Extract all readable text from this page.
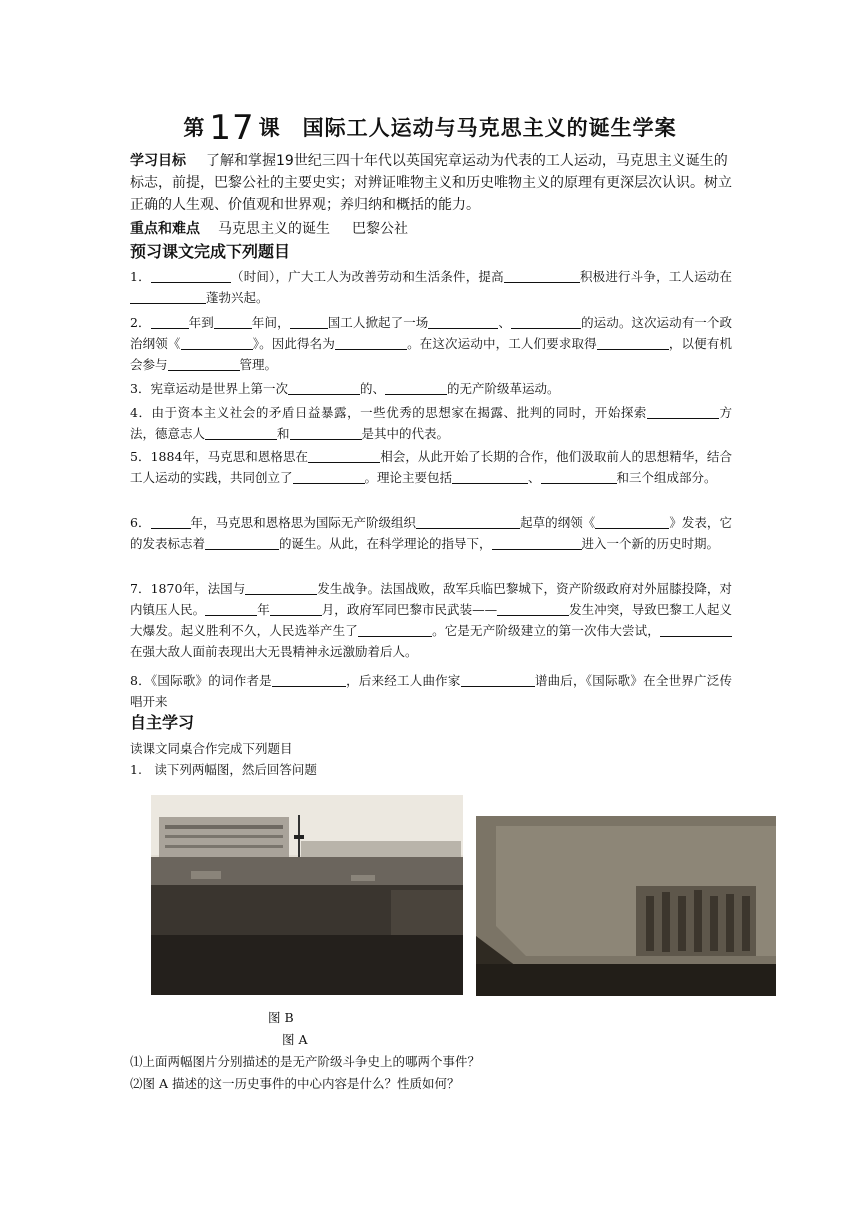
第 17 课　国际工人运动与马克思主义的诞生学案
学习目标 了解和掌握19世纪三四十年代以英国宪章运动为代表的工人运动，马克思主义诞生的标志，前提，巴黎公社的主要史实；对辨证唯物主义和历史唯物主义的原理有更深层次认识。树立正确的人生观、价值观和世界观；养归纳和概括的能力。
重点和难点 马克思主义的诞生 巴黎公社
预习课文完成下列题目
1．	（时间），广大工人为改善劳动和生活条件，提高	积极进行斗争，工人运动在蓬勃兴起。
2．	年到	年间，	国工人掀起了一场	、	的运动。这次运动有一个政治纲领《	》。因此得名为	。在这次运动中，工人们要求取得	，以便有机会参与	管理。
3．宪章运动是世界上第一次	的、	的无产阶级革运动。
4．由于资本主义社会的矛盾日益暴露，一些优秀的思想家在揭露、批判的同时，开始探索	方法，德意志人	和	是其中的代表。
5．1884年，马克思和恩格思在	相会，从此开始了长期的合作，他们汲取前人的思想精华，结合工人运动的实践，共同创立了	。理论主要包括	、	和三个组成部分。
6．	年，马克思和恩格思为国际无产阶级组织	起草的纲领《	》发表，它的发表标志着	的诞生。从此，在科学理论的指导下，	进入一个新的历史时期。
7．1870年，法国与	发生战争。法国战败，敌军兵临巴黎城下，资产阶级政府对外屈膝投降，对内镇压人民。	年	月，政府军同巴黎市民武装——	发生冲突，导致巴黎工人起义大爆发。起义胜利不久，人民选举产生了	。它是无产阶级建立的第一次伟大尝试，在强大敌人面前表现出大无畏精神永远激励着后人。
8．《国际歌》的词作者是	，后来经工人曲作家	谱曲后，《国际歌》在全世界广泛传唱开来
自主学习
读课文同桌合作完成下列题目
1.　读下列两幅图，然后回答问题
图 B
图 A
⑴上面两幅图片分别描述的是无产阶级斗争史上的哪两个事件？
⑵图 A 描述的这一历史事件的中心内容是什么？性质如何？
